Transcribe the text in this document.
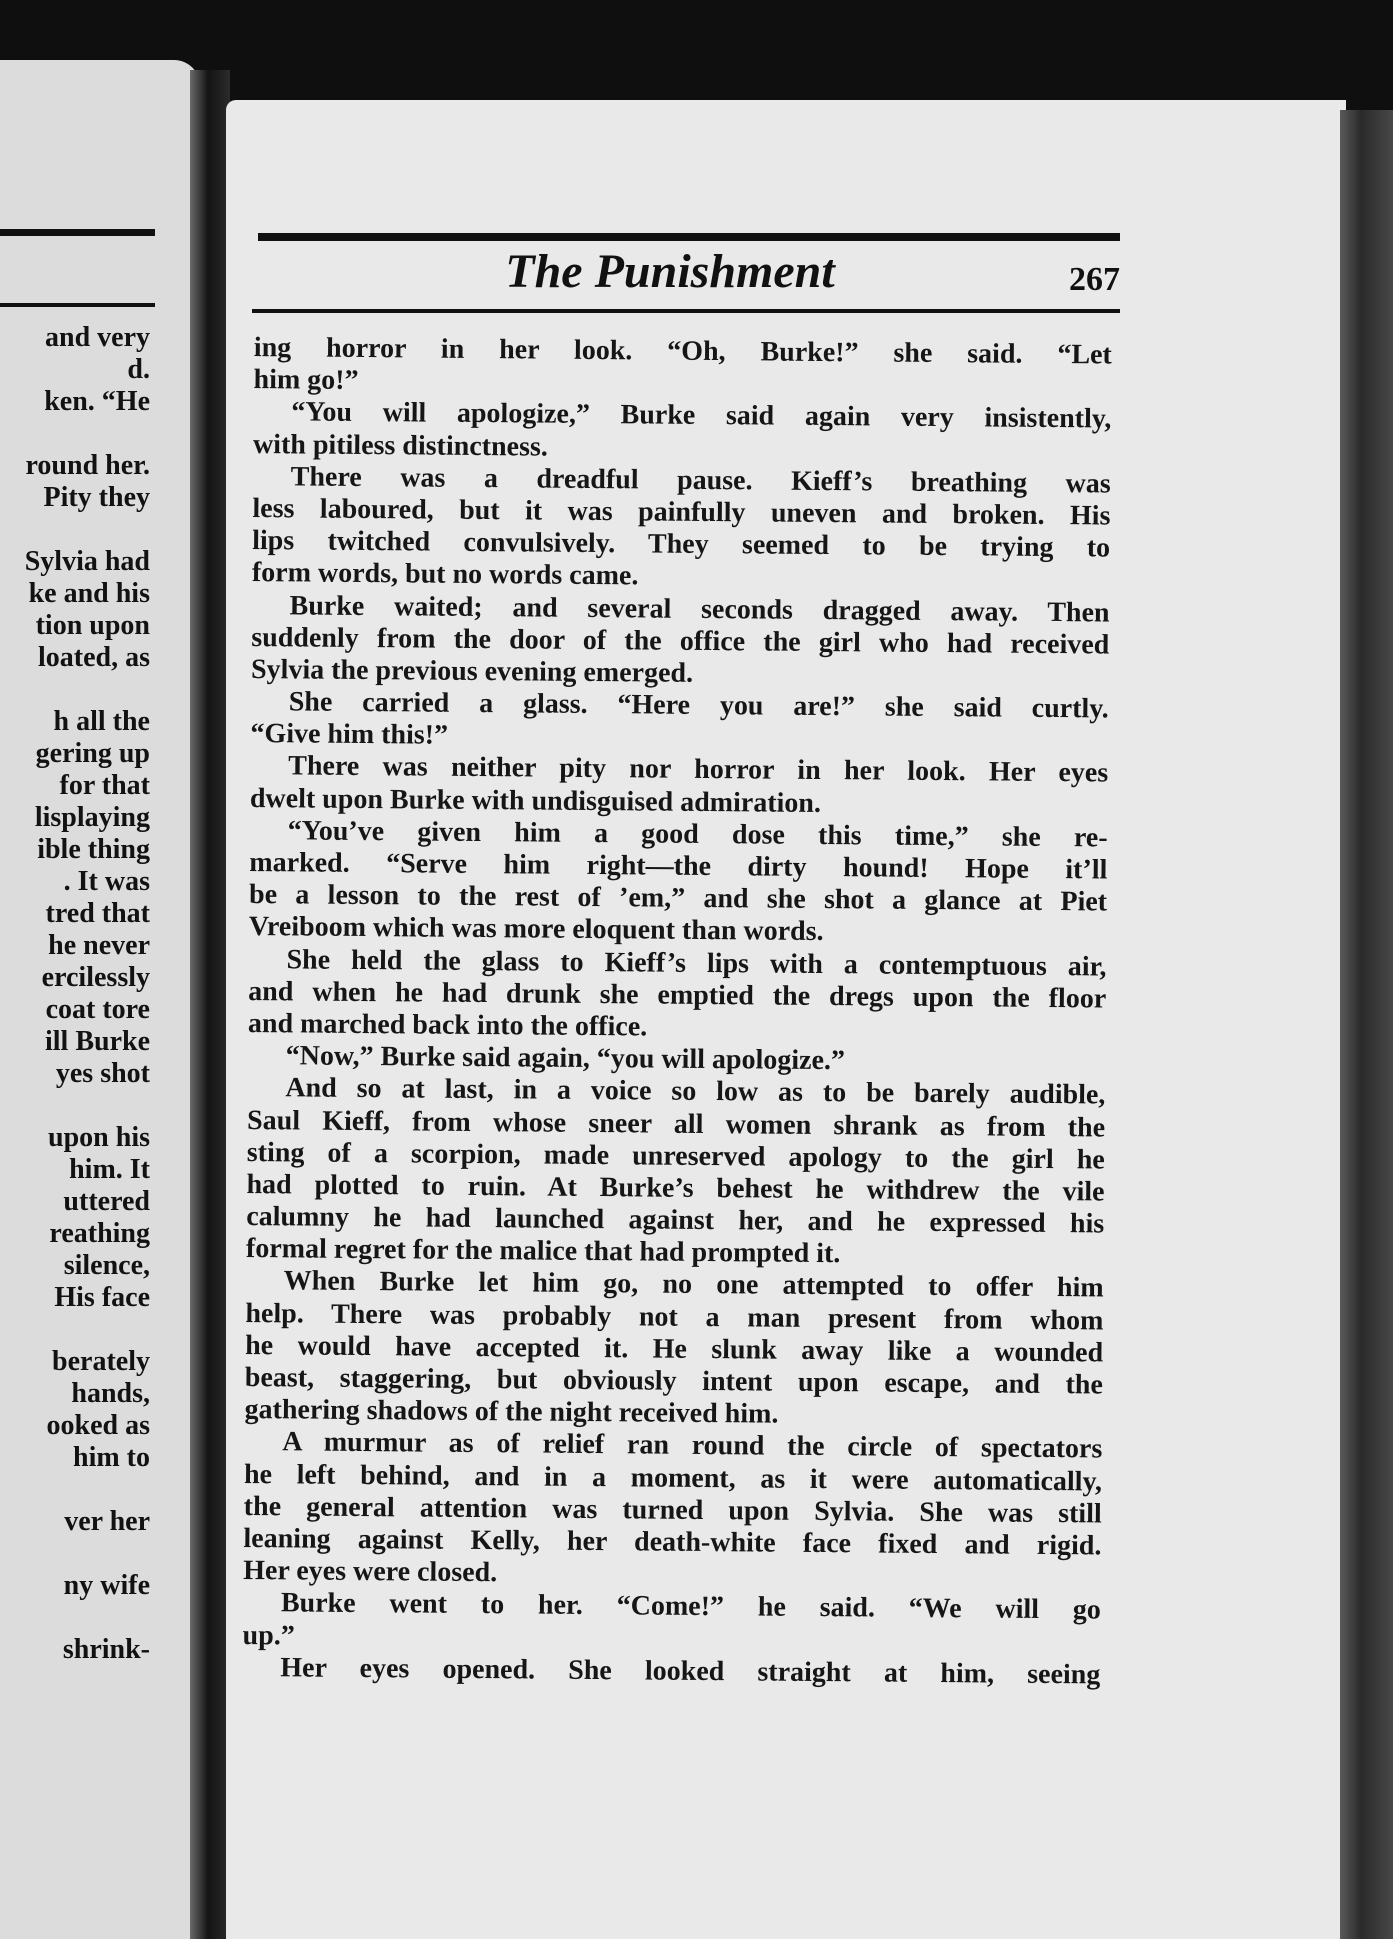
and very
d.
ken. “He
round her.
Pity they
Sylvia had
ke and his
tion upon
loated, as
h all the
gering up
for that
lisplaying
ible thing
. It was
tred that
he never
ercilessly
coat tore
ill Burke
yes shot
upon his
him. It
uttered
reathing
silence,
His face
berately
hands,
ooked as
him to
ver her
ny wife
shrink-
The Punishment	267
ing horror in her look. “Oh, Burke!” she said. “Let
him go!”
“You will apologize,” Burke said again very insistently,
with pitiless distinctness.
There was a dreadful pause. Kieff’s breathing was
less laboured, but it was painfully uneven and broken. His
lips twitched convulsively. They seemed to be trying to
form words, but no words came.
Burke waited; and several seconds dragged away. Then
suddenly from the door of the office the girl who had received
Sylvia the previous evening emerged.
She carried a glass. “Here you are!” she said curtly.
“Give him this!”
There was neither pity nor horror in her look. Her eyes
dwelt upon Burke with undisguised admiration.
“You’ve given him a good dose this time,” she re-
marked. “Serve him right—the dirty hound! Hope it’ll
be a lesson to the rest of ’em,” and she shot a glance at Piet
Vreiboom which was more eloquent than words.
She held the glass to Kieff’s lips with a contemptuous air,
and when he had drunk she emptied the dregs upon the floor
and marched back into the office.
“Now,” Burke said again, “you will apologize.”
And so at last, in a voice so low as to be barely audible,
Saul Kieff, from whose sneer all women shrank as from the
sting of a scorpion, made unreserved apology to the girl he
had plotted to ruin. At Burke’s behest he withdrew the vile
calumny he had launched against her, and he expressed his
formal regret for the malice that had prompted it.
When Burke let him go, no one attempted to offer him
help. There was probably not a man present from whom
he would have accepted it. He slunk away like a wounded
beast, staggering, but obviously intent upon escape, and the
gathering shadows of the night received him.
A murmur as of relief ran round the circle of spectators
he left behind, and in a moment, as it were automatically,
the general attention was turned upon Sylvia. She was still
leaning against Kelly, her death-white face fixed and rigid.
Her eyes were closed.
Burke went to her. “Come!” he said. “We will go
up.”
Her eyes opened. She looked straight at him, seeing
